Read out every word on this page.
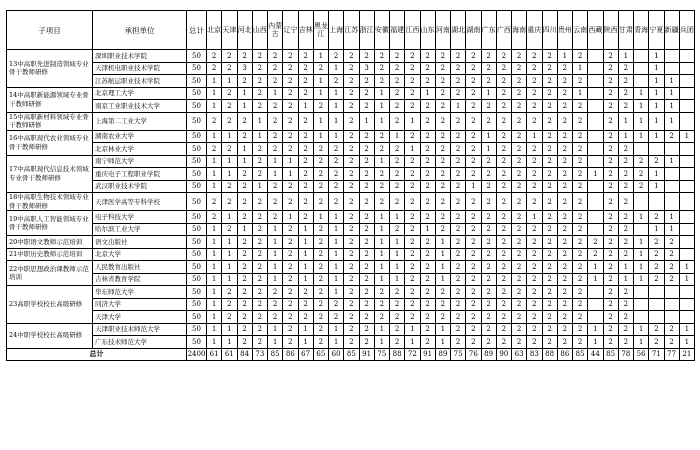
子项目	承担单位	总计	北京	天津	河北	山西	内蒙古	辽宁	吉林	黑龙江	上海	江苏	浙江	安徽	福建	江西	山东	河南	湖北	湖南	广东	广西	海南	重庆	四川	贵州	云南	西藏	陕西	甘肃	青海	宁夏	新疆	兵团
13中高职先进制造领域专业骨干教师研修	深圳职业技术学院	50	2	2	2	2	2	2	2	1	2	2	2	2	2	2	2	2	2	2	2	2	2	2	2	1	2		2	1		1		
	天津机电职业技术学院	50	2	2	3	2	2	2	2	2	1	2	3	2	2	2	2	2	2	2	2	2	2	2	2	2	1		2	2		1		
	江苏航运职业技术学院	50	1	1	2	2	2	2	2	1	2	2	2	2	2	2	2	2	2	2	2	2	2	2	2	2	2		2	2		1	1	
14中高职新能源领域专业骨干教师研修	北京理工大学	50	1	2	1	2	1	2	2	1	1	2	2	1	2	2	1	2	2	2	1	2	2	2	2	2	1		2	2	1	1	1	
	南京工业职业技术大学	50	1	2	1	2	2	2	1	2	1	2	2	1	2	2	2	2	1	2	2	2	2	2	2	2	2		2	2	1	1	1	
15中高职新材料领域专业骨干教师研修	上海第二工业大学	50	2	2	2	1	2	2	2	1	1	2	1	1	2	1	2	2	2	2	2	2	2	2	2	2	2		2	1	1	1	1	
16中高职现代农业领域专业骨干教师研修	湖南农业大学	50	1	1	2	1	2	2	2	1	1	2	2	2	1	2	2	2	2	2	1	2	2	1	2	2	2		2	1	1	1	2	1
	北京林业大学	50	2	2	1	2	2	2	2	2	2	2	2	2	2	1	2	2	2	2	1	2	2	2	2	2	2		2	2				
17中高职现代信息技术领域专业骨干教师研修	南宁师范大学	50	1	1	1	2	1	1	2	2	2	2	2	1	2	2	2	2	2	2	2	2	2	2	2	2	2		2	2	2	2	1	
	重庆电子工程职业学院	50	1	1	2	2	1	1	2	2	2	2	2	2	2	2	2	2	2	2	2	2	2	2	2	2	2	1	2	2	2	1		
	武汉职业技术学院	50	1	2	2	1	2	2	2	2	2	2	2	2	2	2	2	2	2	1	2	2	2	2	2	2	2		2	2	2	1		
18中高职生物技术领域专业骨干教师研修	天津医学高等专科学校	50	2	2	2	2	2	2	2	2	2	2	2	2	2	2	2	2	2	2	2	2	2	2	2	2	2		2	2				
19中高职人工智能领域专业骨干教师研修	电子科技大学	50	2	1	2	2	2	1	2	1	1	2	2	1	1	2	2	2	2	2	2	2	2	1	2	2	2		2	2	1	2	1	
	哈尔滨工业大学	50	1	2	1	2	1	2	1	2	1	2	2	1	2	2	1	2	2	2	2	2	2	2	2	2	2		2	2		1	1	
20中职语文教师示范培训	语文出版社	50	1	1	2	2	1	2	1	2	1	2	2	1	1	2	2	1	2	2	2	2	2	2	2	2	2	2	2	2	1	2	2	
21中职历史教师示范培训	北京大学	50	1	1	2	2	1	2	1	2	1	2	2	1	1	2	2	1	2	2	2	2	2	2	2	2	2	2	2	2	1	2	2	
22中职思想政治课教师示范培训	人民教育出版社	50	1	1	2	2	1	2	1	2	1	2	2	1	1	2	2	1	2	2	2	2	2	2	2	2	2	1	2	1	1	2	2	1
	吉林省教育学院	50	1	1	2	2	1	2	1	2	1	2	2	1	1	2	2	1	2	2	2	2	2	2	2	2	2	1	2	1	1	2	2	1
23高职学校校长高级研修	华东师范大学	50	1	2	2	2	2	2	2	2	1	2	2	2	2	2	2	2	2	2	2	2	2	2	2	2	2		2	2				
	同济大学	50	1	2	2	2	2	2	2	2	2	2	2	2	2	2	2	2	2	2	2	2	2	2	2	2	2		2	2				
	天津大学	50	1	2	2	2	2	2	2	2	2	2	2	2	2	2	2	2	2	2	2	2	2	2	2	2	2		2	2				
24中职学校校长高级研修	天津职业技术师范大学	50	1	1	2	2	1	2	1	2	1	2	2	1	2	1	2	1	2	2	2	2	2	2	2	2	2	1	2	2	1	2	2	1
	广东技术师范大学	50	1	1	2	2	1	2	1	2	1	2	2	1	2	1	2	1	2	2	2	2	2	2	2	2	2	1	2	2	1	2	2	1
总计		2400	61	61	84	73	85	86	67	65	60	85	91	75	88	72	91	89	75	76	89	90	63	83	88	86	85	44	85	78	56	71	77	21
